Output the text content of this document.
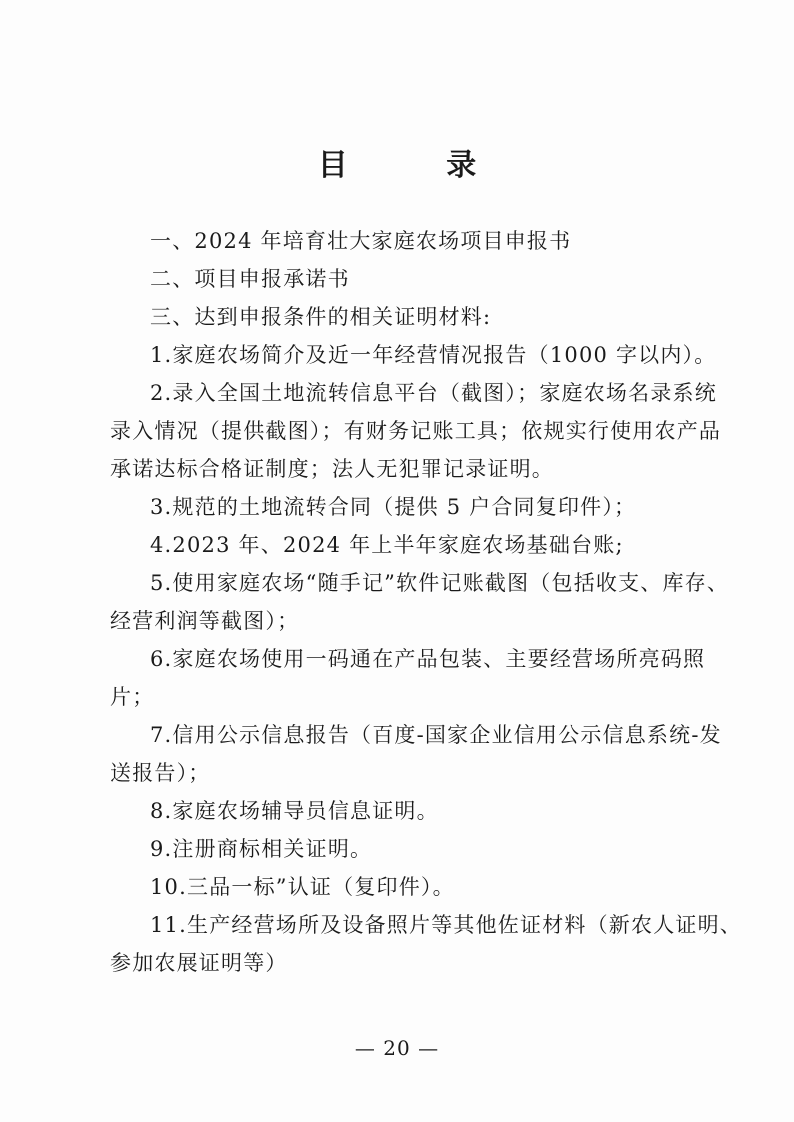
目 录
一、2024 年培育壮大家庭农场项目申报书
二、项目申报承诺书
三、达到申报条件的相关证明材料:
1.家庭农场简介及近一年经营情况报告（1000 字以内）。
2.录入全国土地流转信息平台（截图）；家庭农场名录系统
录入情况（提供截图）；有财务记账工具；依规实行使用农产品
承诺达标合格证制度；法人无犯罪记录证明。
3.规范的土地流转合同（提供 5 户合同复印件）；
4.2023 年、2024 年上半年家庭农场基础台账;
5.使用家庭农场“随手记”软件记账截图（包括收支、库存、
经营利润等截图）；
6.家庭农场使用一码通在产品包装、主要经营场所亮码照
片；
7.信用公示信息报告（百度-国家企业信用公示信息系统-发
送报告）；
8.家庭农场辅导员信息证明。
9.注册商标相关证明。
10.三品一标”认证（复印件）。
11.生产经营场所及设备照片等其他佐证材料（新农人证明、
参加农展证明等）
— 20 —
